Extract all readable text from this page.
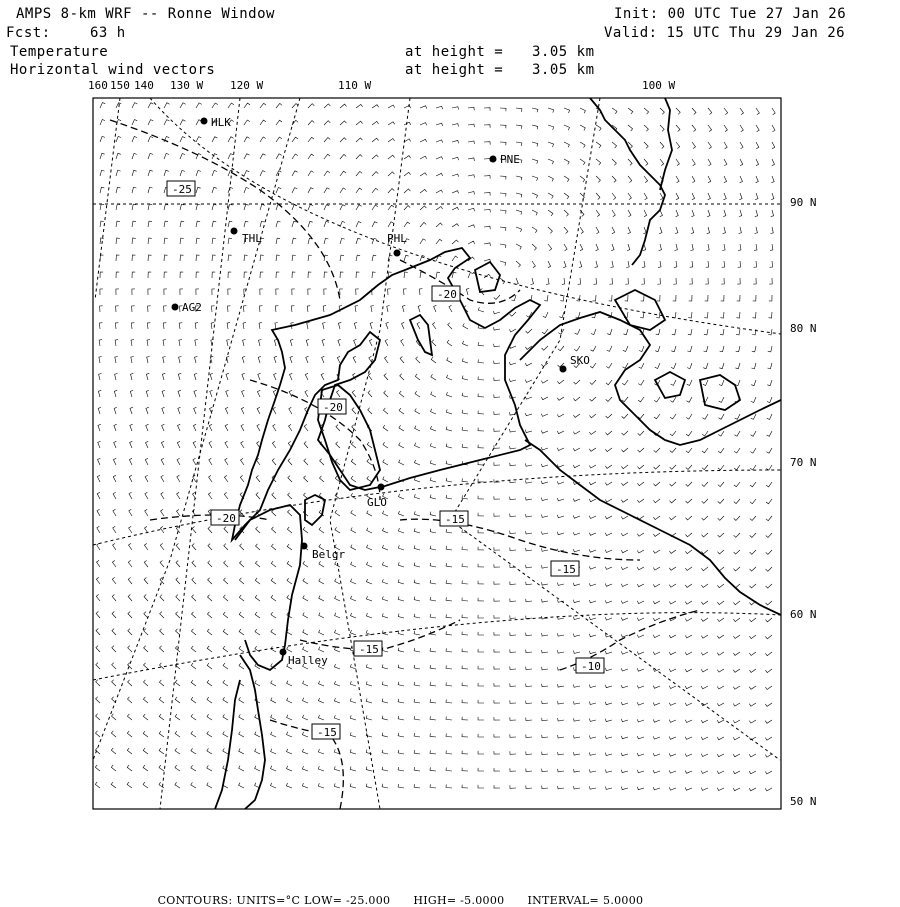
AMPS 8-km WRF -- Ronne Window
Fcst:	63 h
Temperature
Horizontal wind vectors
at height = 3.05 km
at height = 3.05 km
Init: 00 UTC Tue 27 Jan 26
Valid: 15 UTC Thu 29 Jan 26
160 150 140 130 W 120 W	110 W	100 W
90 N
80 N
70 N
60 N
50 N
HLK
PNE
THL	PHL
AG2
SKO
GLO
Belgr
Halley
-25
-20
-20
-20	-15
-15
-15
-15
-10

CONTOURS: UNITS=°C LOW= -25.000 HIGH= -5.0000 INTERVAL= 5.0000
